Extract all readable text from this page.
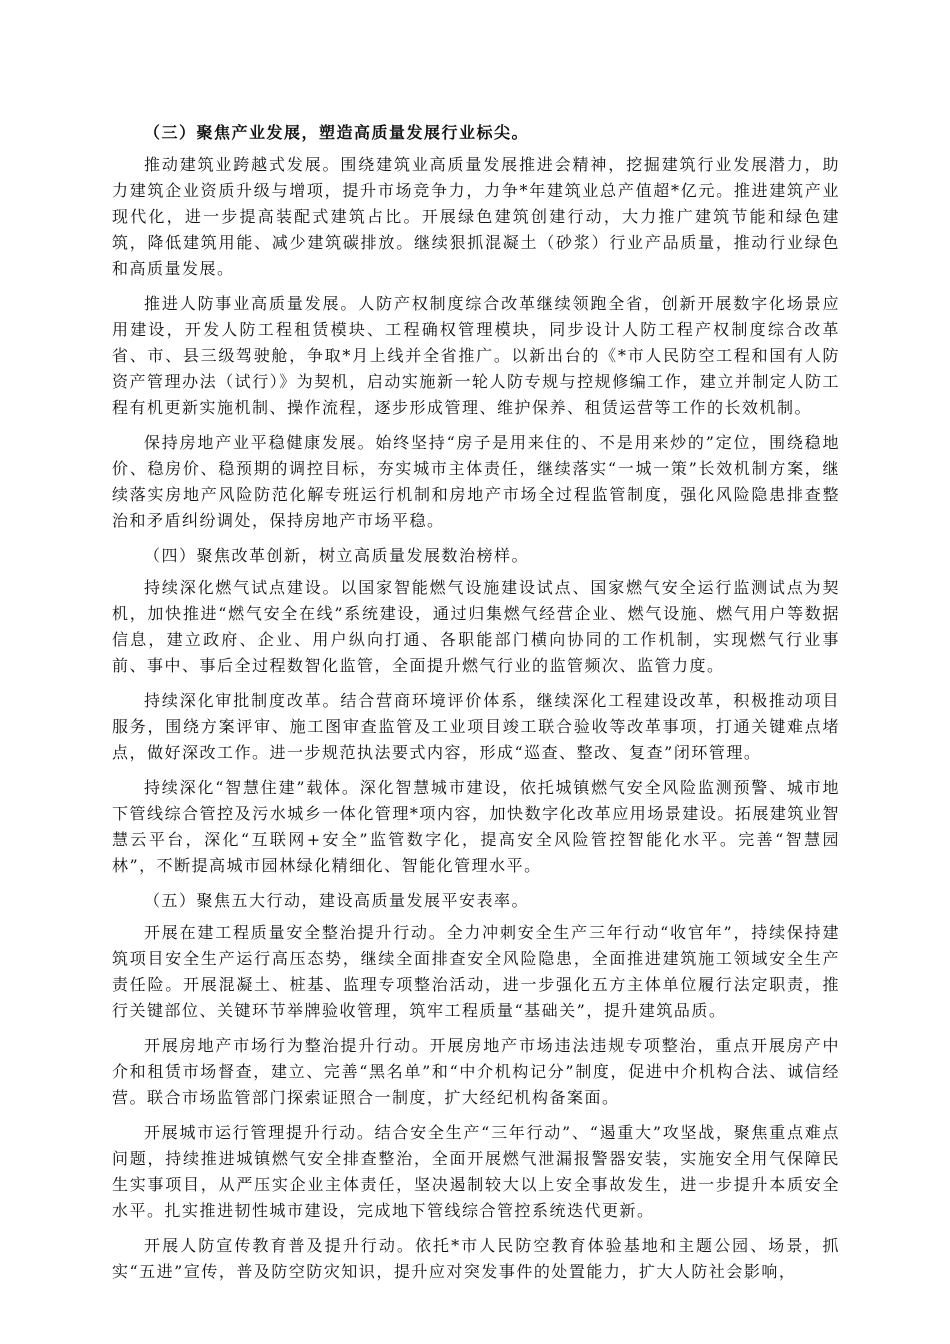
（三）聚焦产业发展，塑造高质量发展行业标尖。

推动建筑业跨越式发展。围绕建筑业高质量发展推进会精神，挖掘建筑行业发展潜力，助力建筑企业资质升级与增项，提升市场竞争力，力争*年建筑业总产值超*亿元。推进建筑产业现代化，进一步提高装配式建筑占比。开展绿色建筑创建行动，大力推广建筑节能和绿色建筑，降低建筑用能、减少建筑碳排放。继续狠抓混凝土（砂浆）行业产品质量，推动行业绿色和高质量发展。

推进人防事业高质量发展。人防产权制度综合改革继续领跑全省，创新开展数字化场景应用建设，开发人防工程租赁模块、工程确权管理模块，同步设计人防工程产权制度综合改革省、市、县三级驾驶舱，争取*月上线并全省推广。以新出台的《*市人民防空工程和国有人防资产管理办法（试行）》为契机，启动实施新一轮人防专规与控规修编工作，建立并制定人防工程有机更新实施机制、操作流程，逐步形成管理、维护保养、租赁运营等工作的长效机制。

保持房地产业平稳健康发展。始终坚持“房子是用来住的、不是用来炒的”定位，围绕稳地价、稳房价、稳预期的调控目标，夯实城市主体责任，继续落实“一城一策”长效机制方案，继续落实房地产风险防范化解专班运行机制和房地产市场全过程监管制度，强化风险隐患排查整治和矛盾纠纷调处，保持房地产市场平稳。

（四）聚焦改革创新，树立高质量发展数治榜样。

持续深化燃气试点建设。以国家智能燃气设施建设试点、国家燃气安全运行监测试点为契机，加快推进“燃气安全在线”系统建设，通过归集燃气经营企业、燃气设施、燃气用户等数据信息，建立政府、企业、用户纵向打通、各职能部门横向协同的工作机制，实现燃气行业事前、事中、事后全过程数智化监管，全面提升燃气行业的监管频次、监管力度。

持续深化审批制度改革。结合营商环境评价体系，继续深化工程建设改革，积极推动项目服务，围绕方案评审、施工图审查监管及工业项目竣工联合验收等改革事项，打通关键难点堵点，做好深改工作。进一步规范执法要式内容，形成“巡查、整改、复查”闭环管理。

持续深化“智慧住建”载体。深化智慧城市建设，依托城镇燃气安全风险监测预警、城市地下管线综合管控及污水城乡一体化管理*项内容，加快数字化改革应用场景建设。拓展建筑业智慧云平台，深化“互联网+安全”监管数字化，提高安全风险管控智能化水平。完善“智慧园林”，不断提高城市园林绿化精细化、智能化管理水平。

（五）聚焦五大行动，建设高质量发展平安表率。

开展在建工程质量安全整治提升行动。全力冲刺安全生产三年行动“收官年”，持续保持建筑项目安全生产运行高压态势，继续全面排查安全风险隐患，全面推进建筑施工领域安全生产责任险。开展混凝土、桩基、监理专项整治活动，进一步强化五方主体单位履行法定职责，推行关键部位、关键环节举牌验收管理，筑牢工程质量“基础关”，提升建筑品质。

开展房地产市场行为整治提升行动。开展房地产市场违法违规专项整治，重点开展房产中介和租赁市场督查，建立、完善“黑名单”和“中介机构记分”制度，促进中介机构合法、诚信经营。联合市场监管部门探索证照合一制度，扩大经纪机构备案面。

开展城市运行管理提升行动。结合安全生产“三年行动”、“遏重大”攻坚战，聚焦重点难点问题，持续推进城镇燃气安全排查整治，全面开展燃气泄漏报警器安装，实施安全用气保障民生实事项目，从严压实企业主体责任，坚决遏制较大以上安全事故发生，进一步提升本质安全水平。扎实推进韧性城市建设，完成地下管线综合管控系统迭代更新。

开展人防宣传教育普及提升行动。依托*市人民防空教育体验基地和主题公园、场景，抓实“五进”宣传，普及防空防灾知识，提升应对突发事件的处置能力，扩大人防社会影响，
